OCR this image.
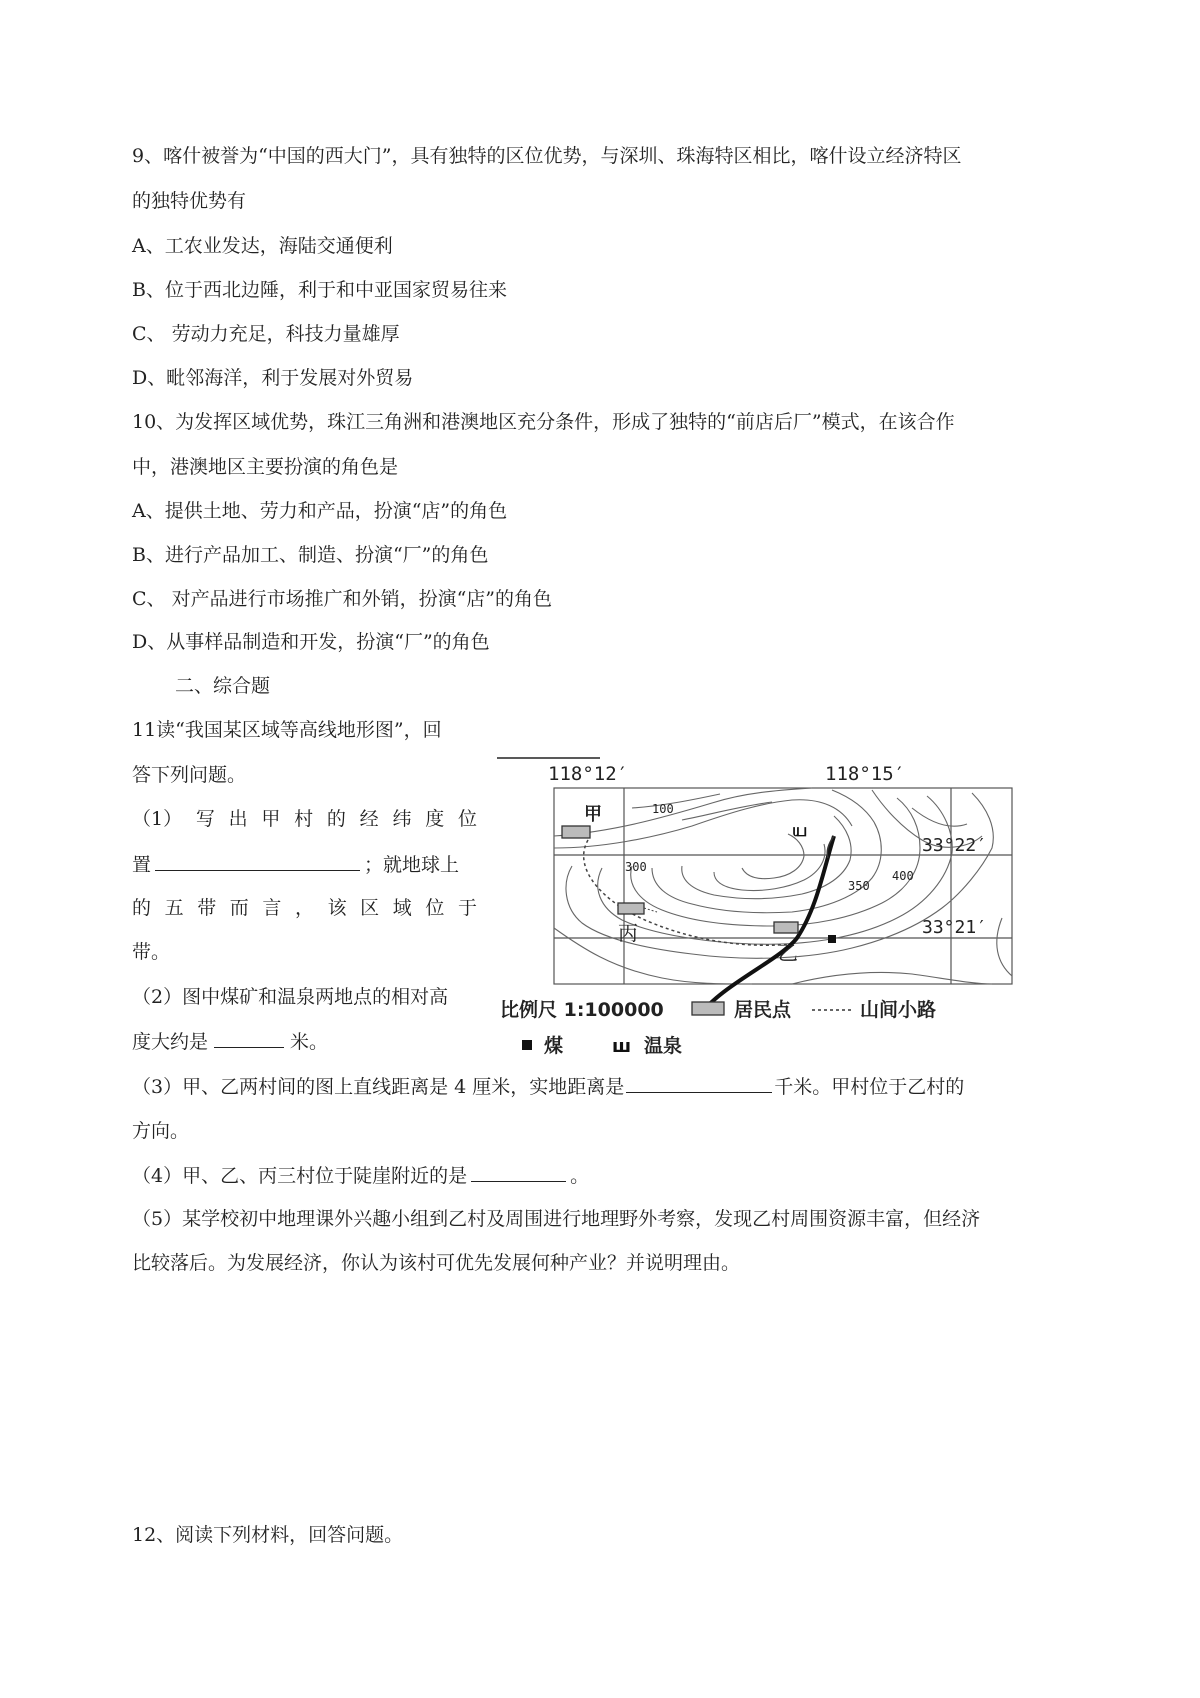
9、喀什被誉为“中国的西大门”，具有独特的区位优势，与深圳、珠海特区相比，喀什设立经济特区
的独特优势有
A、工农业发达，海陆交通便利
B、位于西北边陲，利于和中亚国家贸易往来
C、 劳动力充足，科技力量雄厚
D、毗邻海洋，利于发展对外贸易
10、为发挥区域优势，珠江三角洲和港澳地区充分条件，形成了独特的“前店后厂”模式，在该合作
中，港澳地区主要扮演的角色是
A、提供土地、劳力和产品，扮演“店”的角色
B、进行产品加工、制造、扮演“厂”的角色
C、 对产品进行市场推广和外销，扮演“店”的角色
D、从事样品制造和开发，扮演“厂”的角色
二、综合题
11读“我国某区域等高线地形图”，回
答下列问题。
（1） 写 出 甲 村 的 经 纬 度 位
置	；就地球上
的 五 带 而 言 ， 该 区 域 位 于
带。
（2）图中煤矿和温泉两地点的相对高
度大约是	米。
（3）甲、乙两村间的图上直线距离是 4 厘米，实地距离是	千米。甲村位于乙村的
方向。
（4）甲、乙、丙三村位于陡崖附近的是	。
（5）某学校初中地理课外兴趣小组到乙村及周围进行地理野外考察，发现乙村周围资源丰富，但经济
比较落后。为发展经济，你认为该村可优先发展何种产业？并说明理由。
12、阅读下列材料，回答问题。
118°12′	118°15′
33°22′
33°21′
100
300
350
400
甲
丙
乙
ய
比例尺 1:100000	居民点	山间小路
煤	ш 温泉
